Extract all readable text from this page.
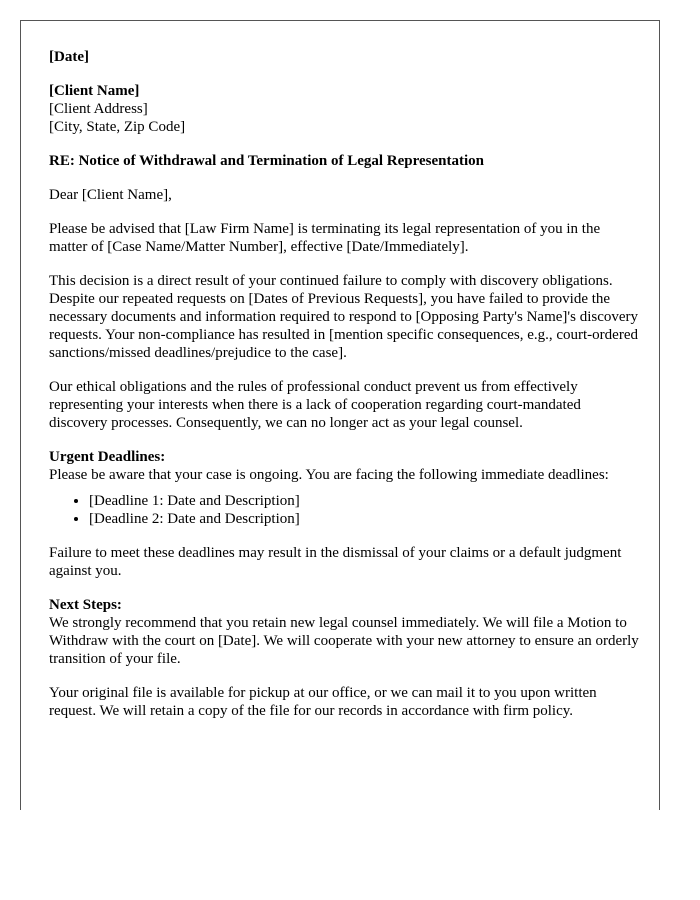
[Date]
[Client Name]
[Client Address]
[City, State, Zip Code]

RE: Notice of Withdrawal and Termination of Legal Representation

Dear [Client Name],

Please be advised that [Law Firm Name] is terminating its legal representation of you in the matter of [Case Name/Matter Number], effective [Date/Immediately].

This decision is a direct result of your continued failure to comply with discovery obligations. Despite our repeated requests on [Dates of Previous Requests], you have failed to provide the necessary documents and information required to respond to [Opposing Party's Name]'s discovery requests. Your non-compliance has resulted in [mention specific consequences, e.g., court-ordered sanctions/missed deadlines/prejudice to the case].

Our ethical obligations and the rules of professional conduct prevent us from effectively representing your interests when there is a lack of cooperation regarding court-mandated discovery processes. Consequently, we can no longer act as your legal counsel.

Urgent Deadlines:
Please be aware that your case is ongoing. You are facing the following immediate deadlines:
• [Deadline 1: Date and Description]
• [Deadline 2: Date and Description]

Failure to meet these deadlines may result in the dismissal of your claims or a default judgment against you.

Next Steps:
We strongly recommend that you retain new legal counsel immediately. We will file a Motion to Withdraw with the court on [Date]. We will cooperate with your new attorney to ensure an orderly transition of your file.

Your original file is available for pickup at our office, or we can mail it to you upon written request. We will retain a copy of the file for our records in accordance with firm policy.
